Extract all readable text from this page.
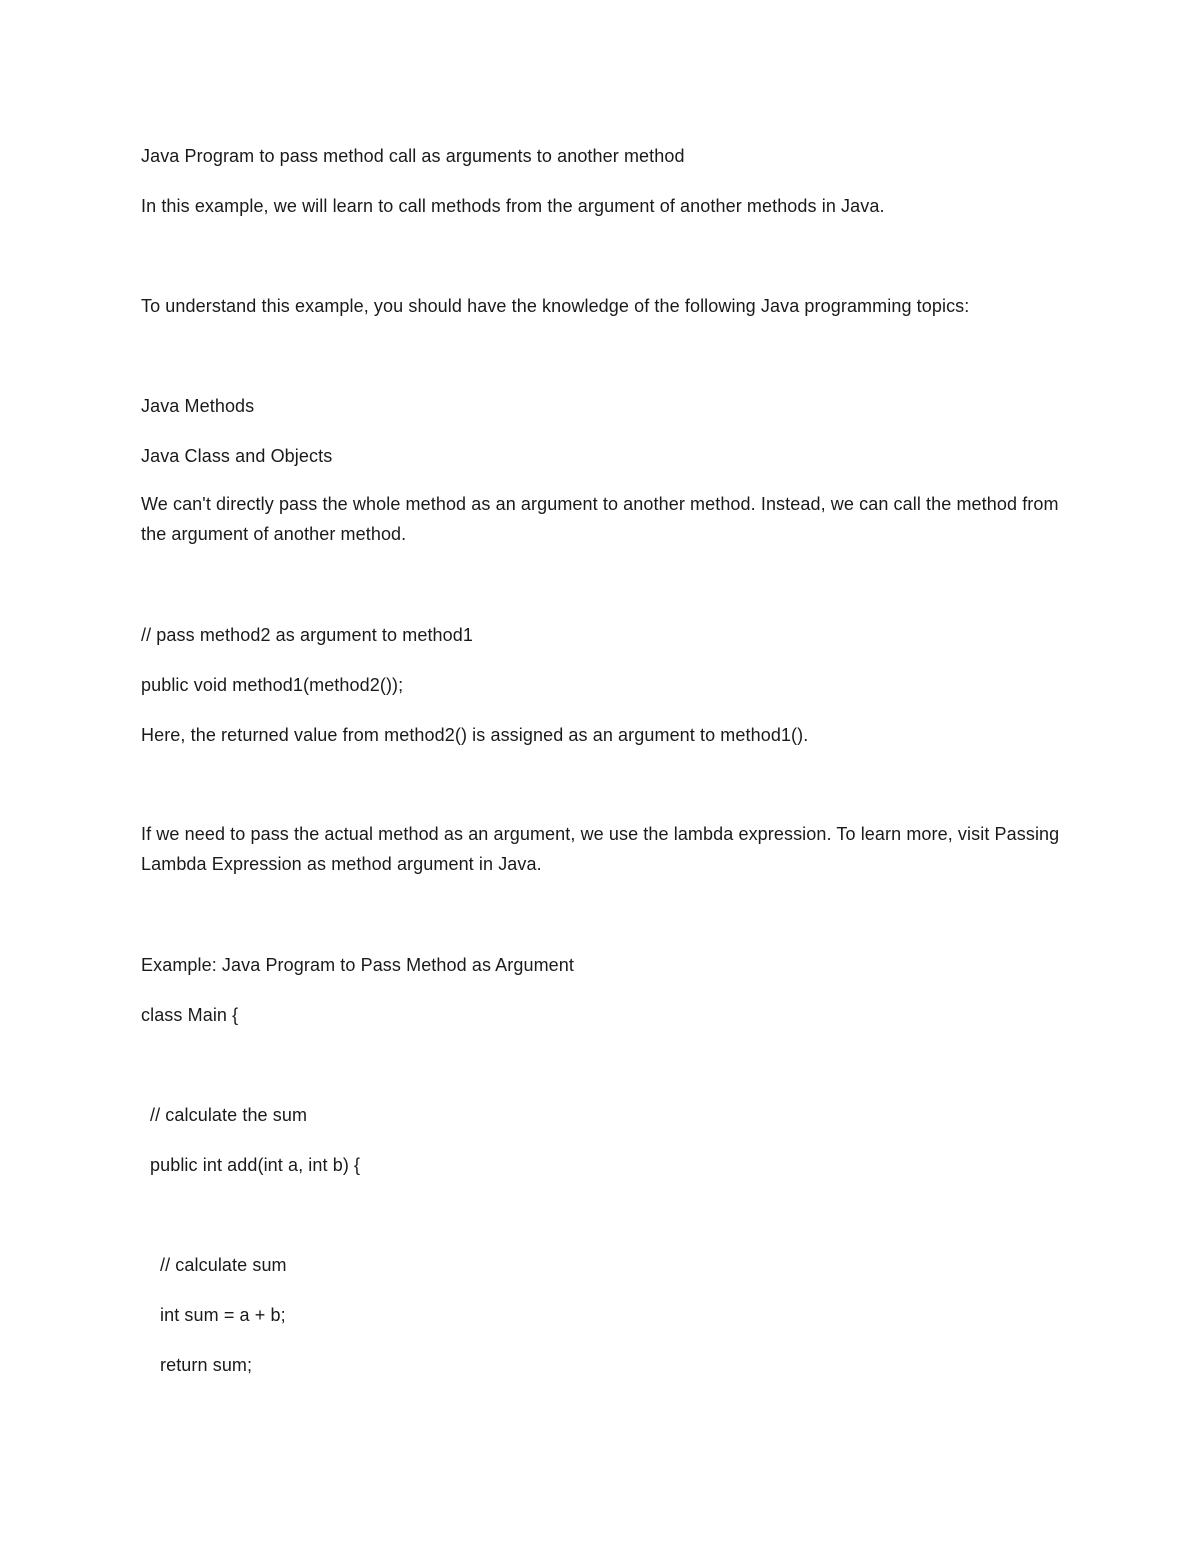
Java Program to pass method call as arguments to another method
In this example, we will learn to call methods from the argument of another methods in Java.
To understand this example, you should have the knowledge of the following Java programming topics:
Java Methods
Java Class and Objects
We can't directly pass the whole method as an argument to another method. Instead, we can call the method from the argument of another method.
// pass method2 as argument to method1
public void method1(method2());
Here, the returned value from method2() is assigned as an argument to method1().
If we need to pass the actual method as an argument, we use the lambda expression. To learn more, visit Passing Lambda Expression as method argument in Java.
Example: Java Program to Pass Method as Argument
class Main {
// calculate the sum
public int add(int a, int b) {
// calculate sum
int sum = a + b;
return sum;
